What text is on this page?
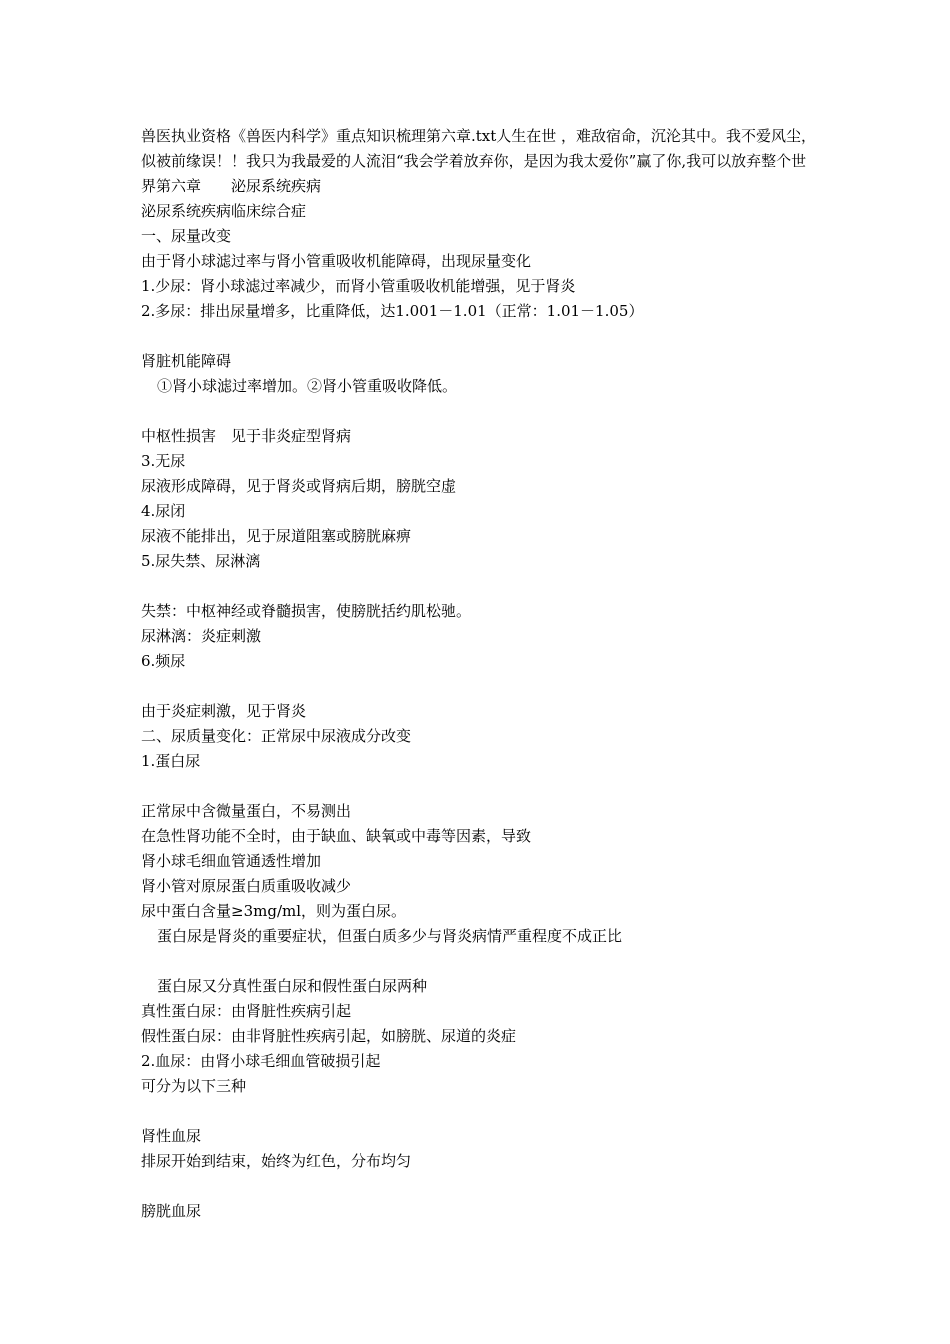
兽医执业资格《兽医内科学》重点知识梳理第六章.txt人生在世 ，难敌宿命，沉沦其中。我不爱风尘，似被前缘误！！我只为我最爱的人流泪“我会学着放弃你，是因为我太爱你”赢了你,我可以放弃整个世界第六章　　泌尿系统疾病

泌尿系统疾病临床综合症

一、尿量改变

由于肾小球滤过率与肾小管重吸收机能障碍，出现尿量变化

1.少尿：肾小球滤过率减少，而肾小管重吸收机能增强，见于肾炎

2.多尿：排出尿量增多，比重降低，达1.001－1.01（正常：1.01－1.05）

肾脏机能障碍

①肾小球滤过率增加。②肾小管重吸收降低。

中枢性损害　见于非炎症型肾病

3.无尿

尿液形成障碍，见于肾炎或肾病后期，膀胱空虚

4.尿闭

尿液不能排出，见于尿道阻塞或膀胱麻痹

5.尿失禁、尿淋漓

失禁：中枢神经或脊髓损害，使膀胱括约肌松驰。

尿淋漓：炎症刺激

6.频尿

由于炎症刺激，见于肾炎

二、尿质量变化：正常尿中尿液成分改变

1.蛋白尿

正常尿中含微量蛋白，不易测出

在急性肾功能不全时，由于缺血、缺氧或中毒等因素，导致

肾小球毛细血管通透性增加

肾小管对原尿蛋白质重吸收减少

尿中蛋白含量≥3mg/ml，则为蛋白尿。

蛋白尿是肾炎的重要症状，但蛋白质多少与肾炎病情严重程度不成正比

蛋白尿又分真性蛋白尿和假性蛋白尿两种

真性蛋白尿：由肾脏性疾病引起

假性蛋白尿：由非肾脏性疾病引起，如膀胱、尿道的炎症

2.血尿：由肾小球毛细血管破损引起

可分为以下三种

肾性血尿

排尿开始到结束，始终为红色，分布均匀

膀胱血尿
